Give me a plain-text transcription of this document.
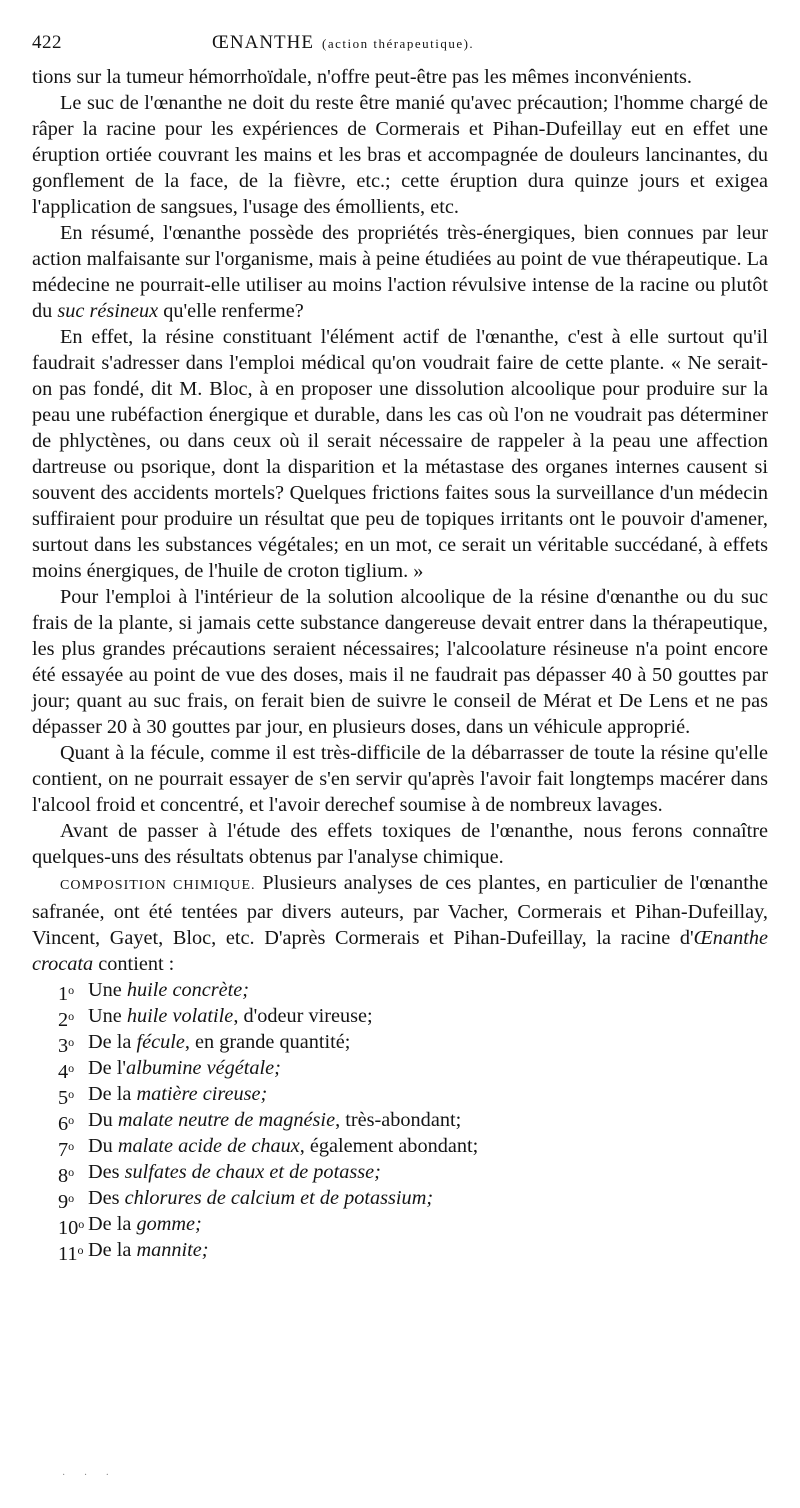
422	ŒNANTHE (action thérapeutique).

tions sur la tumeur hémorrhoïdale, n'offre peut-être pas les mêmes inconvénients.

Le suc de l'œnanthe ne doit du reste être manié qu'avec précaution; l'homme chargé de râper la racine pour les expériences de Cormerais et Pihan-Dufeillay eut en effet une éruption ortiée couvrant les mains et les bras et accompagnée de douleurs lancinantes, du gonflement de la face, de la fièvre, etc.; cette éruption dura quinze jours et exigea l'application de sangsues, l'usage des émollients, etc.

En résumé, l'œnanthe possède des propriétés très-énergiques, bien connues par leur action malfaisante sur l'organisme, mais à peine étudiées au point de vue thérapeutique. La médecine ne pourrait-elle utiliser au moins l'action révulsive intense de la racine ou plutôt du suc résineux qu'elle renferme?

En effet, la résine constituant l'élément actif de l'œnanthe, c'est à elle surtout qu'il faudrait s'adresser dans l'emploi médical qu'on voudrait faire de cette plante. « Ne serait-on pas fondé, dit M. Bloc, à en proposer une dissolution alcoolique pour produire sur la peau une rubéfaction énergique et durable, dans les cas où l'on ne voudrait pas déterminer de phlyctènes, ou dans ceux où il serait nécessaire de rappeler à la peau une affection dartreuse ou psorique, dont la disparition et la métastase des organes internes causent si souvent des accidents mortels? Quelques frictions faites sous la surveillance d'un médecin suffiraient pour produire un résultat que peu de topiques irritants ont le pouvoir d'amener, surtout dans les substances végétales; en un mot, ce serait un véritable succédané, à effets moins énergiques, de l'huile de croton tiglium. »

Pour l'emploi à l'intérieur de la solution alcoolique de la résine d'œnanthe ou du suc frais de la plante, si jamais cette substance dangereuse devait entrer dans la thérapeutique, les plus grandes précautions seraient nécessaires; l'alcoolature résineuse n'a point encore été essayée au point de vue des doses, mais il ne faudrait pas dépasser 40 à 50 gouttes par jour; quant au suc frais, on ferait bien de suivre le conseil de Mérat et De Lens et ne pas dépasser 20 à 30 gouttes par jour, en plusieurs doses, dans un véhicule approprié.

Quant à la fécule, comme il est très-difficile de la débarrasser de toute la résine qu'elle contient, on ne pourrait essayer de s'en servir qu'après l'avoir fait longtemps macérer dans l'alcool froid et concentré, et l'avoir derechef soumise à de nombreux lavages.

Avant de passer à l'étude des effets toxiques de l'œnanthe, nous ferons connaître quelques-uns des résultats obtenus par l'analyse chimique.

COMPOSITION CHIMIQUE. Plusieurs analyses de ces plantes, en particulier de l'œnanthe safranée, ont été tentées par divers auteurs, par Vacher, Cormerais et Pihan-Dufeillay, Vincent, Gayet, Bloc, etc. D'après Cormerais et Pihan-Dufeillay, la racine d'Œnanthe crocata contient :

1$^o$ Une huile concrète;
2$^o$ Une huile volatile, d'odeur vireuse;
3$^o$ De la fécule, en grande quantité;
4$^o$ De l'albumine végétale;
5$^o$ De la matière cireuse;
6$^o$ Du malate neutre de magnésie, très-abondant;
7$^o$ Du malate acide de chaux, également abondant;
8$^o$ Des sulfates de chaux et de potasse;
9$^o$ Des chlorures de calcium et de potassium;
10$^o$ De la gomme;
11$^o$ De la mannite;
· · ·
